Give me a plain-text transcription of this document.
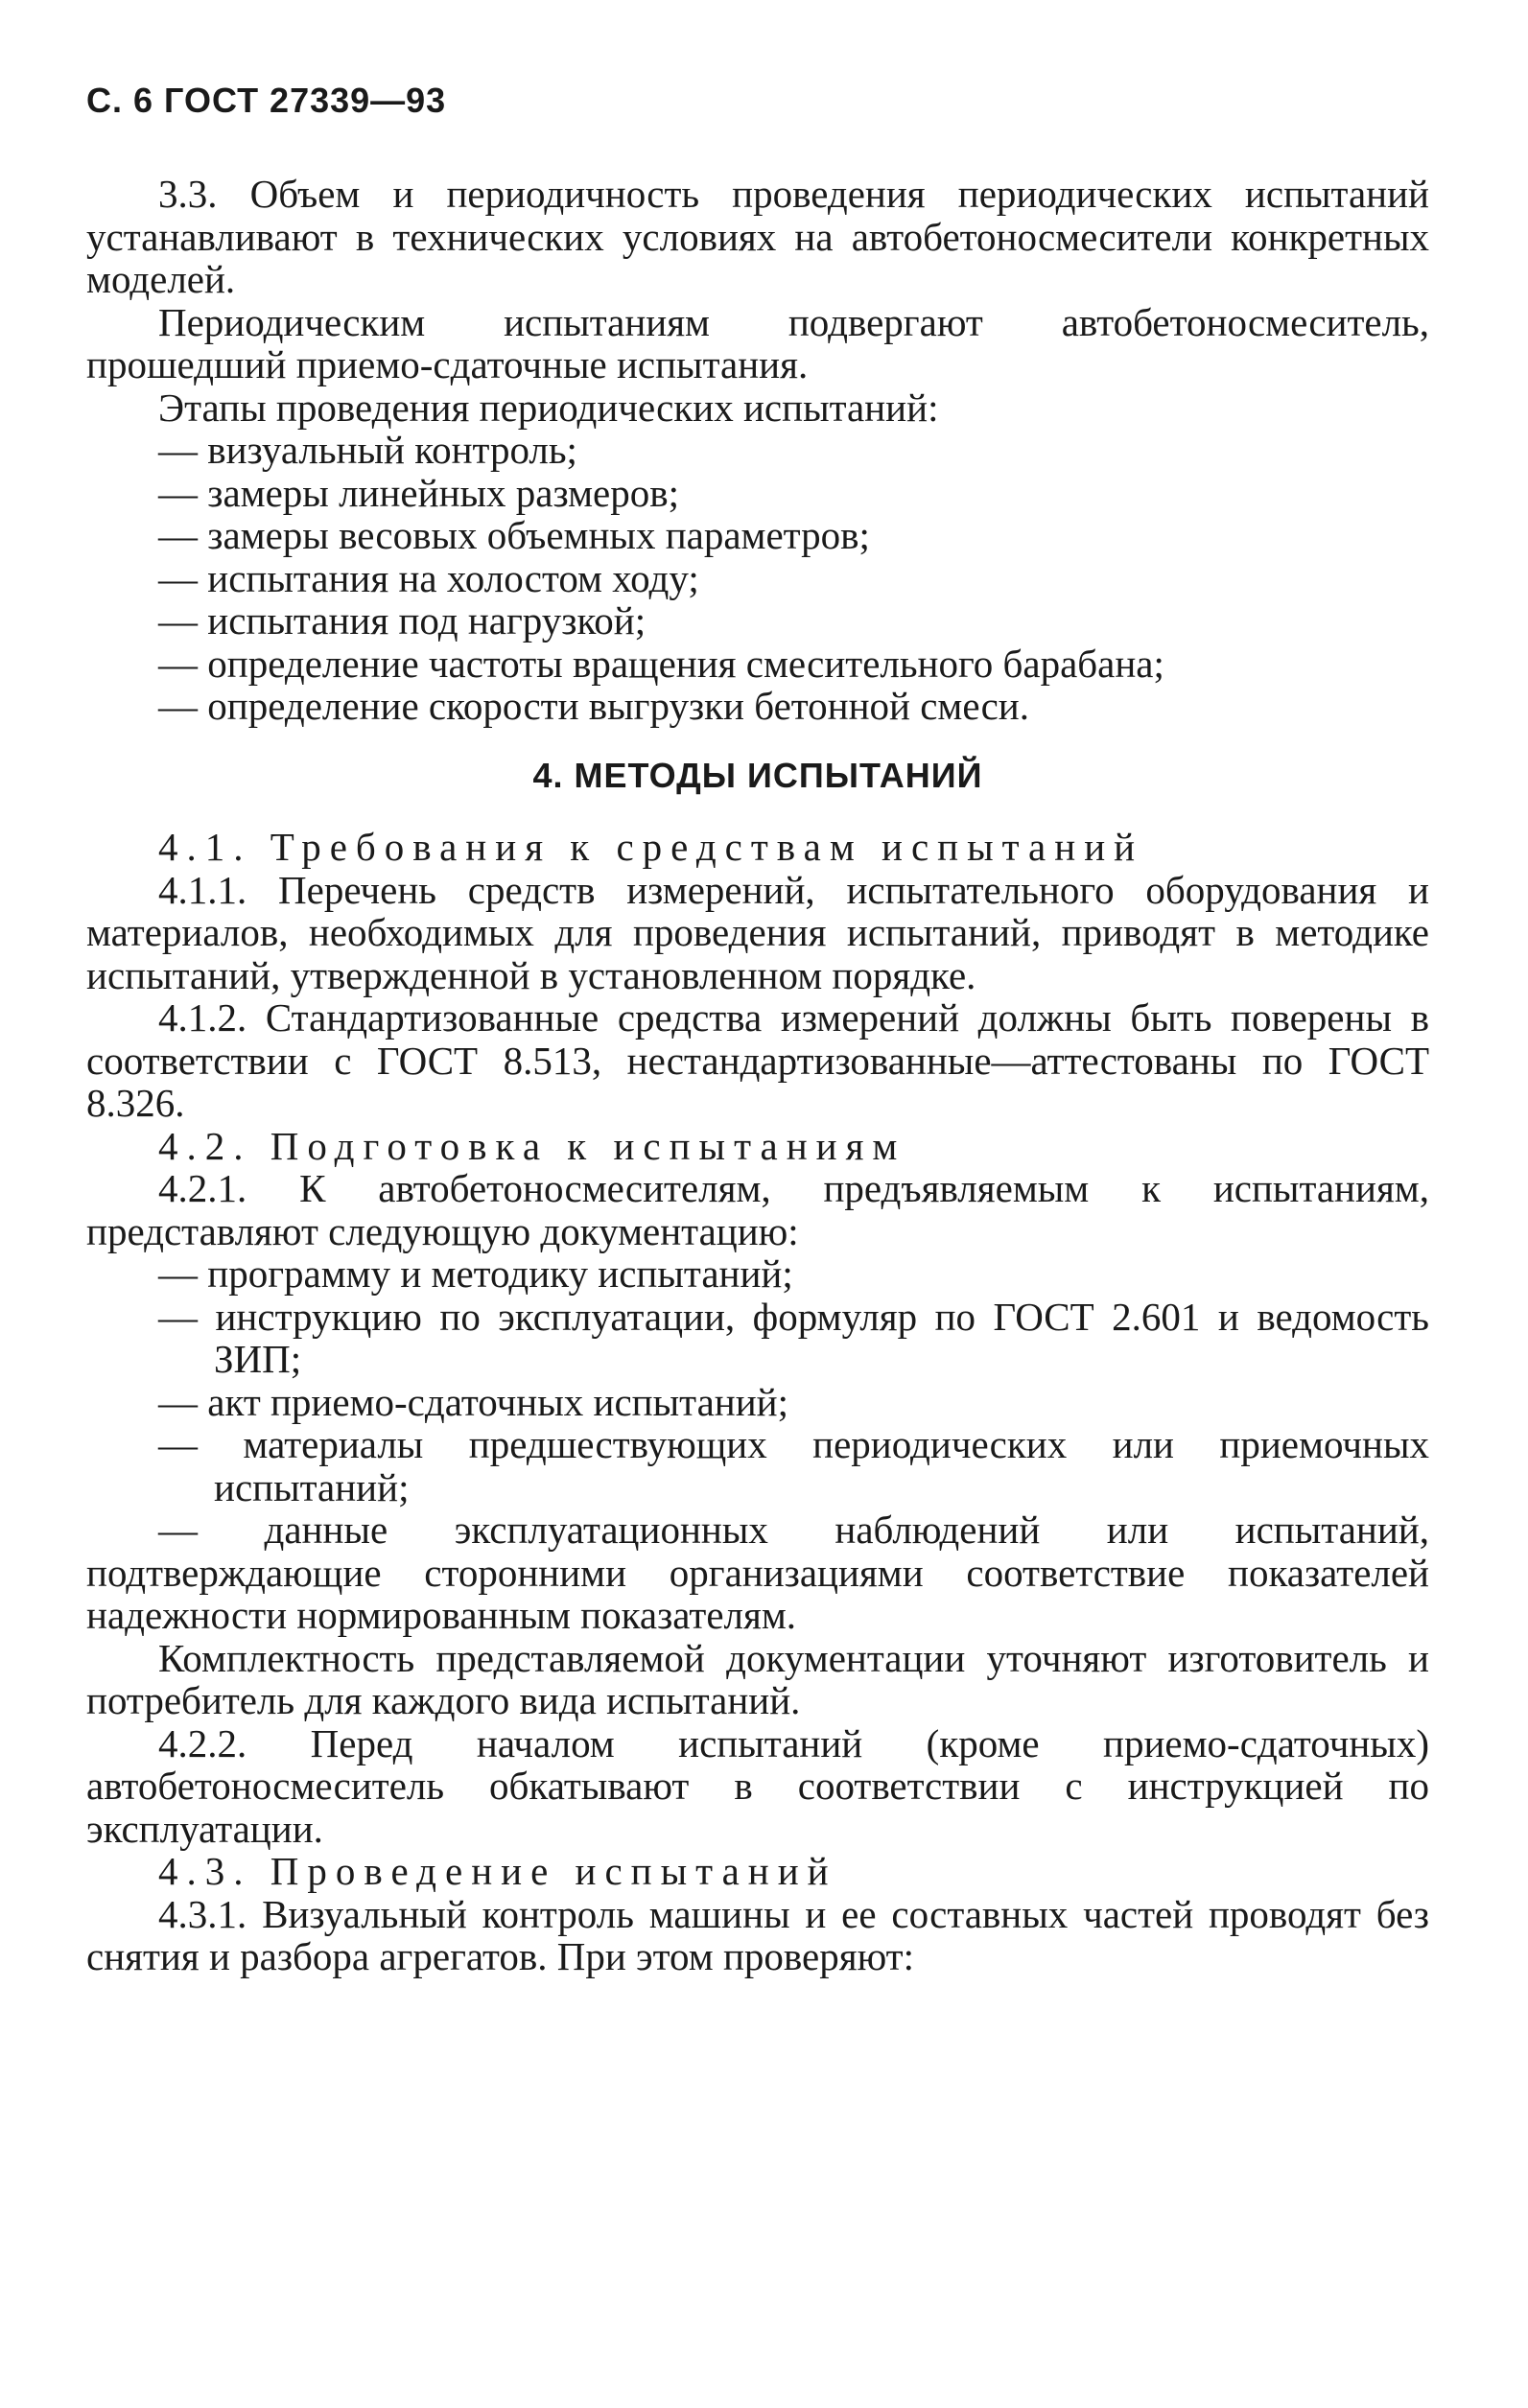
С. 6 ГОСТ 27339—93

3.3. Объем и периодичность проведения периодических испытаний устанавливают в технических условиях на автобетоносмесители конкретных моделей.

Периодическим испытаниям подвергают автобетоносмеситель, прошедший приемо-сдаточные испытания.

Этапы проведения периодических испытаний:

— визуальный контроль;

— замеры линейных размеров;

— замеры весовых объемных параметров;

— испытания на холостом ходу;

— испытания под нагрузкой;

— определение частоты вращения смесительного барабана;

— определение скорости выгрузки бетонной смеси.

4. МЕТОДЫ ИСПЫТАНИЙ

4.1. Требования к средствам испытаний

4.1.1. Перечень средств измерений, испытательного оборудования и материалов, необходимых для проведения испытаний, приводят в методике испытаний, утвержденной в установленном порядке.

4.1.2. Стандартизованные средства измерений должны быть поверены в соответствии с ГОСТ 8.513, нестандартизованные—аттестованы по ГОСТ 8.326.

4.2. Подготовка к испытаниям

4.2.1. К автобетоносмесителям, предъявляемым к испытаниям, представляют следующую документацию:

— программу и методику испытаний;

— инструкцию по эксплуатации, формуляр по ГОСТ 2.601 и ведомость ЗИП;

— акт приемо-сдаточных испытаний;

— материалы предшествующих периодических или приемочных испытаний;

— данные эксплуатационных наблюдений или испытаний, подтверждающие сторонними организациями соответствие показателей надежности нормированным показателям.

Комплектность представляемой документации уточняют изготовитель и потребитель для каждого вида испытаний.

4.2.2. Перед началом испытаний (кроме приемо-сдаточных) автобетоносмеситель обкатывают в соответствии с инструкцией по эксплуатации.

4.3. Проведение испытаний

4.3.1. Визуальный контроль машины и ее составных частей проводят без снятия и разбора агрегатов. При этом проверяют:
